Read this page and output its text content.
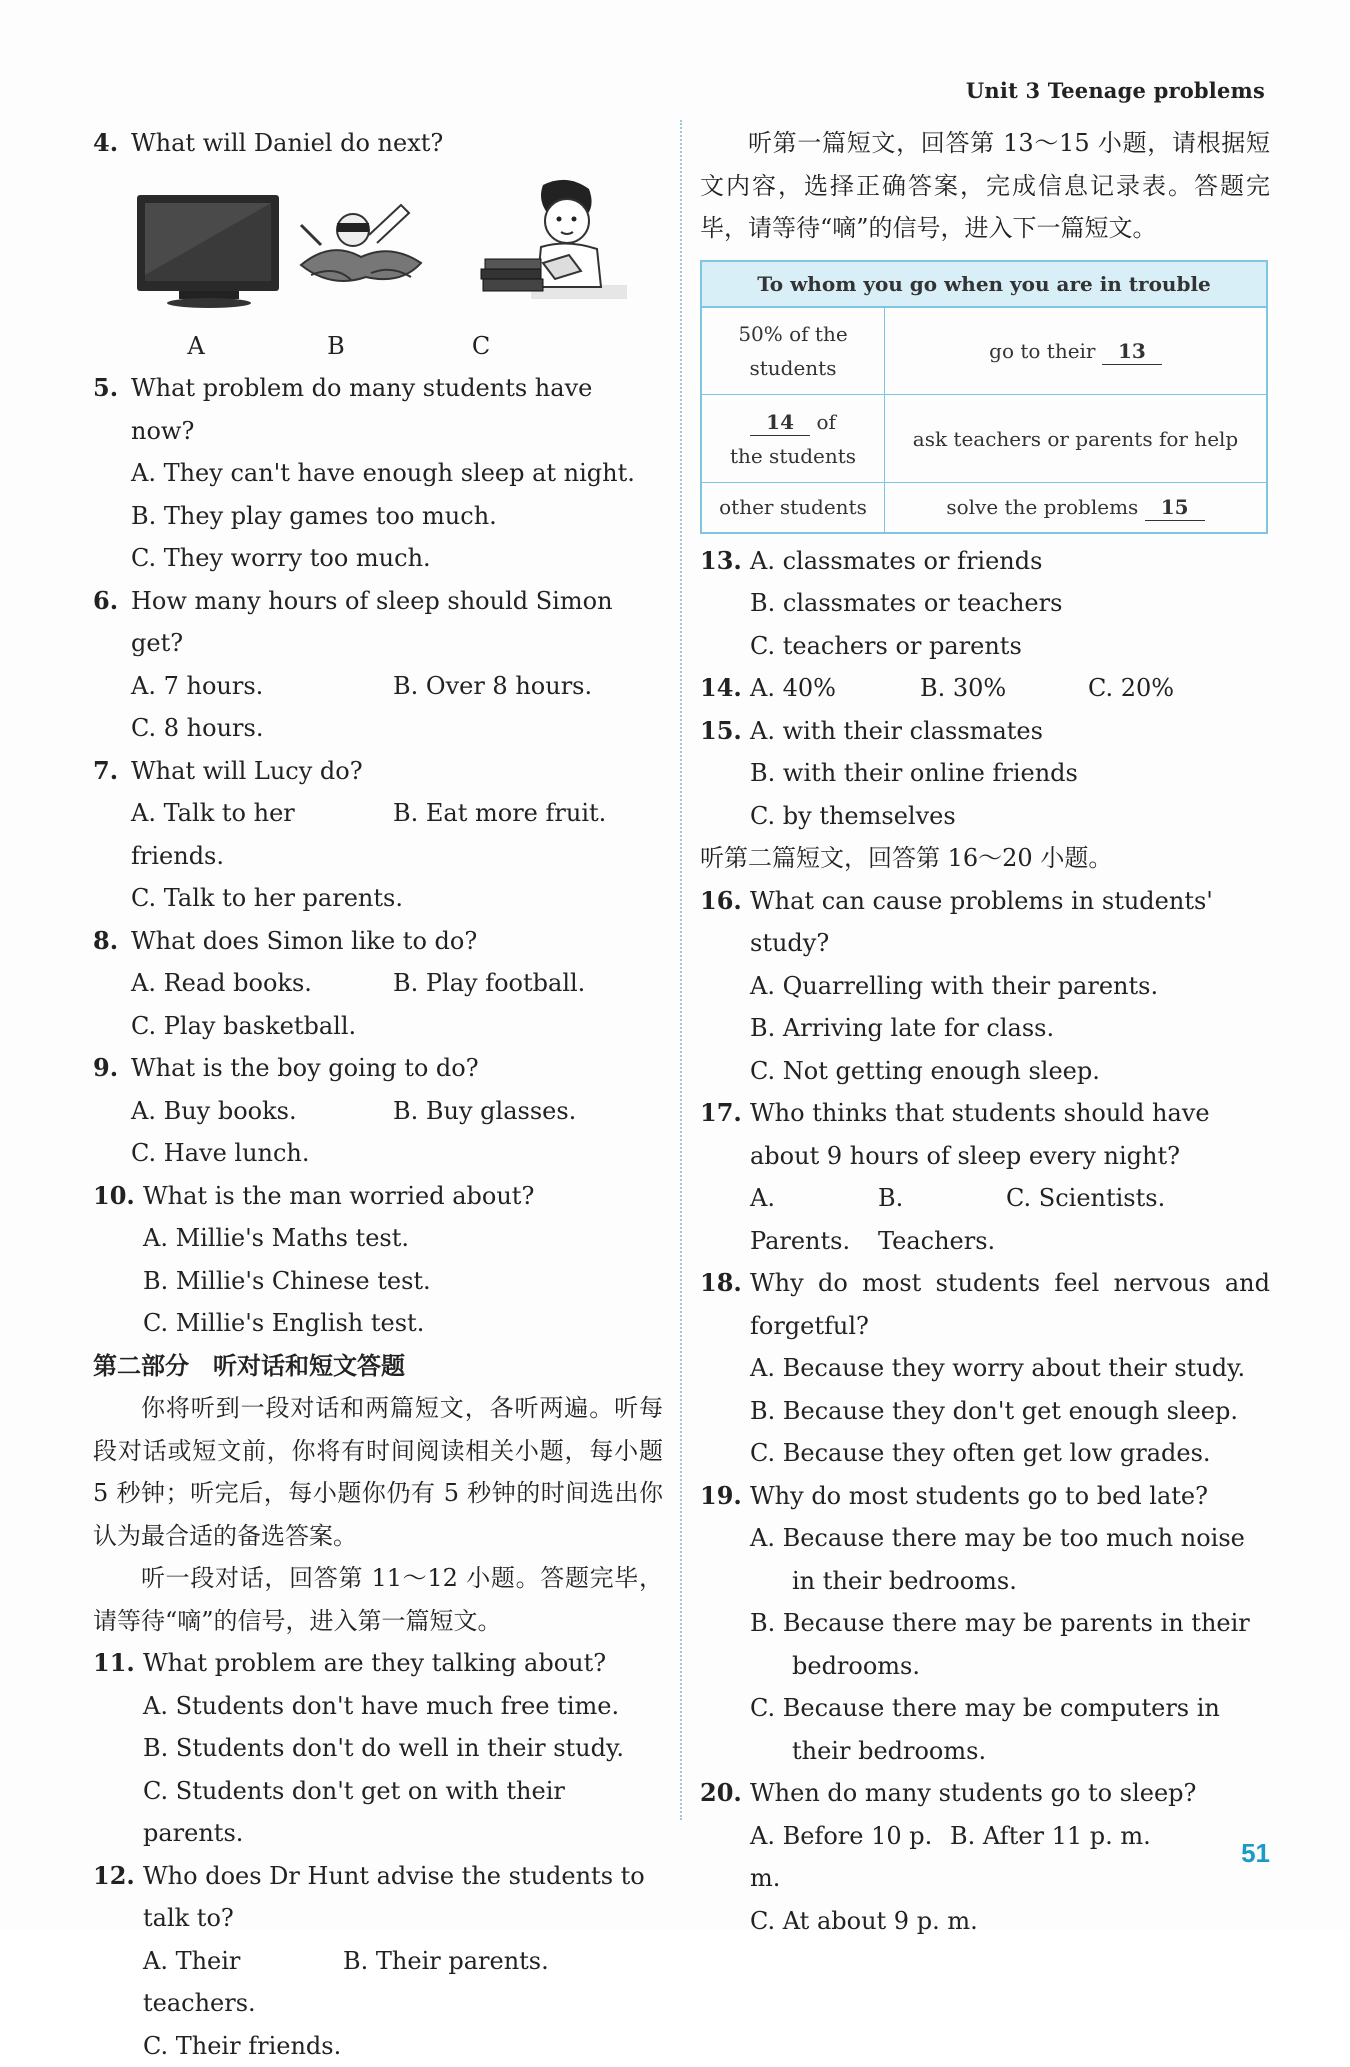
Unit 3 Teenage problems
4. What will Daniel do next?
A	B	C
5. What problem do many students have now?
A. They can't have enough sleep at night.
B. They play games too much.
C. They worry too much.
6. How many hours of sleep should Simon get?
A. 7 hours.	B. Over 8 hours.
C. 8 hours.
7. What will Lucy do?
A. Talk to her friends.
B. Eat more fruit.
C. Talk to her parents.
8. What does Simon like to do?
A. Read books.	B. Play football.
C. Play basketball.
9. What is the boy going to do?
A. Buy books.	B. Buy glasses.
C. Have lunch.
10. What is the man worried about?
A. Millie's Maths test.
B. Millie's Chinese test.
C. Millie's English test.
第二部分　听对话和短文答题
你将听到一段对话和两篇短文，各听两遍。听每段对话或短文前，你将有时间阅读相关小题，每小题 5 秒钟；听完后，每小题你仍有 5 秒钟的时间选出你认为最合适的备选答案。
听一段对话，回答第 11～12 小题。答题完毕，请等待“嘀”的信号，进入第一篇短文。
11. What problem are they talking about?
A. Students don't have much free time.
B. Students don't do well in their study.
C. Students don't get on with their parents.
12. Who does Dr Hunt advise the students to talk to?
A. Their teachers.
B. Their parents.
C. Their friends.
听第一篇短文，回答第 13～15 小题，请根据短文内容，选择正确答案，完成信息记录表。答题完毕，请等待“嘀”的信号，进入下一篇短文。
To whom you go when you are in trouble	
50% of the students	go to their 13

14 of
the students	ask teachers or parents for help
other students	solve the problems 15
13. A. classmates or friends
B. classmates or teachers
C. teachers or parents
14. A. 40%	B. 30%	C. 20%
15. A. with their classmates
B. with their online friends
C. by themselves
听第二篇短文，回答第 16～20 小题。
16. What can cause problems in students' study?
A. Quarrelling with their parents.
B. Arriving late for class.
C. Not getting enough sleep.
17. Who thinks that students should have about 9 hours of sleep every night?
A. Parents.
B. Teachers.
C. Scientists.
18. Why do most students feel nervous and forgetful?
A. Because they worry about their study.
B. Because they don't get enough sleep.
C. Because they often get low grades.
19. Why do most students go to bed late?
A. Because there may be too much noise in their bedrooms.
B. Because there may be parents in their bedrooms.
C. Because there may be computers in their bedrooms.
20. When do many students go to sleep?
A. Before 10 p. m.
B. After 11 p. m.
C. At about 9 p. m.
51
